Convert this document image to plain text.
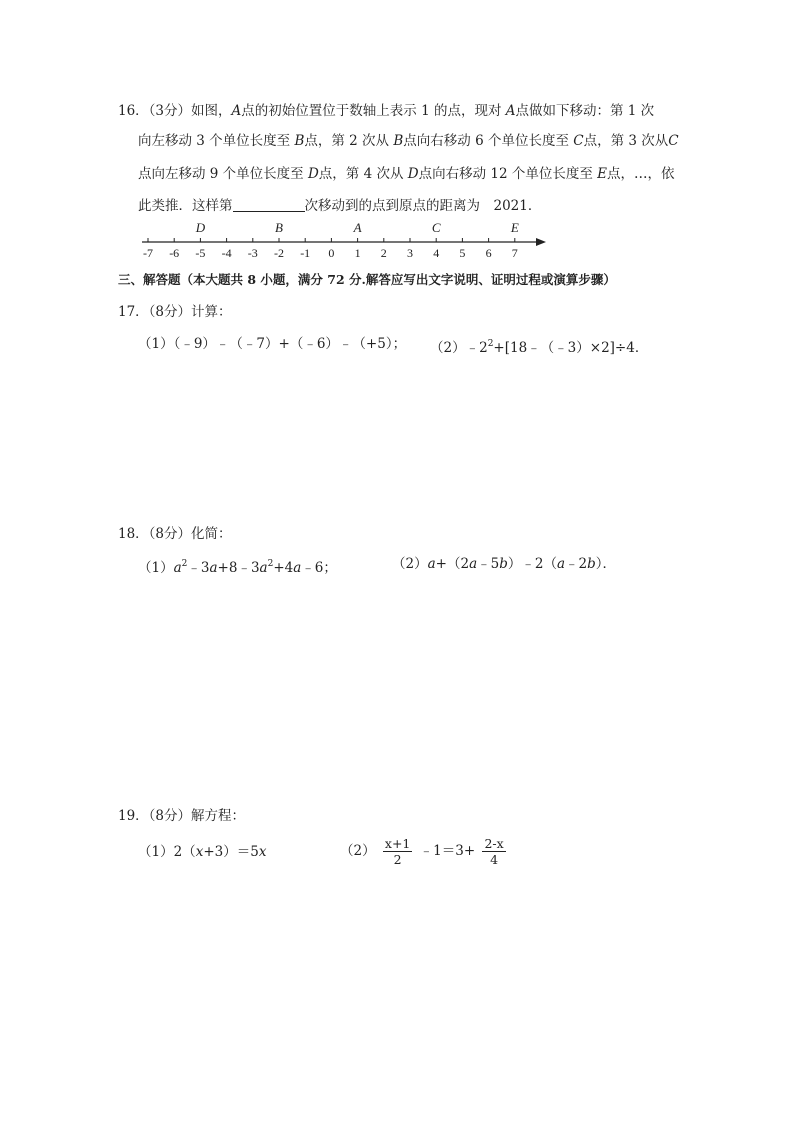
16．（3分）如图，A点的初始位置位于数轴上表示 1 的点，现对 A点做如下移动：第 1 次
向左移动 3 个单位长度至 B点，第 2 次从 B点向右移动 6 个单位长度至 C点，第 3 次从C
点向左移动 9 个单位长度至 D点，第 4 次从 D点向右移动 12 个单位长度至 E点，…，依
此类推．这样第	次移动到的点到原点的距离为　2021．
-7 -6 -5 -4 -3 -2 -1 0 1 2 3 4 5 6 7
D	B	A	C	E
三、解答题（本大题共 8 小题，满分 72 分.解答应写出文字说明、证明过程或演算步骤）
17．（8分）计算：
（1）（﹣9）﹣（﹣7）+（﹣6）﹣（+5）； $(2)﹣2^2+[18﹣(﹣3)\times 2]\div 4$．
18．（8分）化简：
$(1)a^2﹣3a+8﹣3a^2+4a﹣6$；	（2）a+（2a﹣5b）﹣2（a﹣2b）．
19．（8分）解方程：
（1）2（x+3）＝5x	$(2) \frac{x+1}{2}$ ﹣1＝3+ $\frac{2-x}{4}$
